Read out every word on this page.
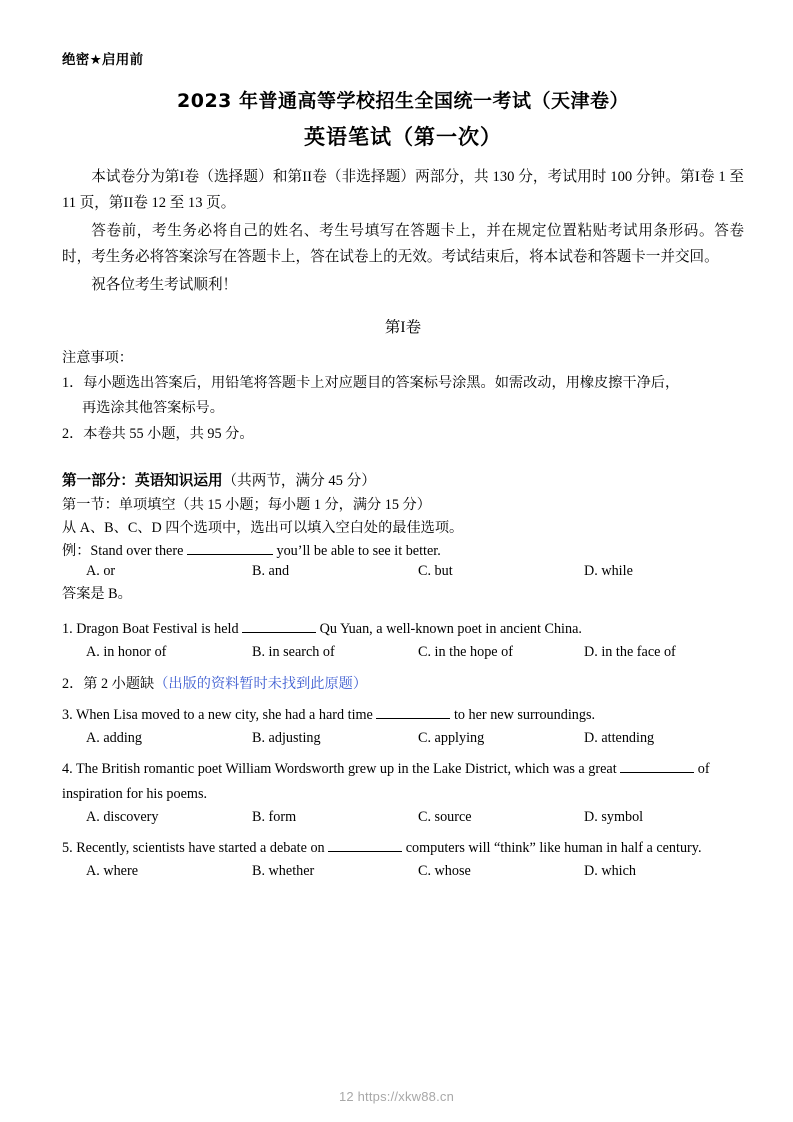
绝密★启用前
2023 年普通高等学校招生全国统一考试（天津卷）
英语笔试（第一次）

本试卷分为第I卷（选择题）和第II卷（非选择题）两部分，共 130 分，考试用时 100 分钟。第I卷 1 至 11 页，第II卷 12 至 13 页。

答卷前，考生务必将自己的姓名、考生号填写在答题卡上，并在规定位置粘贴考试用条形码。答卷时，考生务必将答案涂写在答题卡上，答在试卷上的无效。考试结束后，将本试卷和答题卡一并交回。

祝各位考生考试顺利！

第I卷
注意事项：
1．每小题选出答案后，用铅笔将答题卡上对应题目的答案标号涂黑。如需改动，用橡皮擦干净后，
再选涂其他答案标号。
2．本卷共 55 小题，共 95 分。
第一部分：英语知识运用（共两节，满分 45 分）
第一节：单项填空（共 15 小题；每小题 1 分，满分 15 分）
从 A、B、C、D 四个选项中，选出可以填入空白处的最佳选项。
例：Stand over there	you’ll be able to see it better.
A. or	B. and	C. but	D. while
答案是 B。
1. Dragon Boat Festival is held	Qu Yuan, a well-known poet in ancient China.
A. in honor of	B. in search of	C. in the hope of	D. in the face of
2．第 2 小题缺（出版的资料暂时未找到此原题）
3. When Lisa moved to a new city, she had a hard time	to her new surroundings.
A. adding	B. adjusting	C. applying	D. attending
4. The British romantic poet William Wordsworth grew up in the Lake District, which was a great	of inspiration for his poems.
A. discovery	B. form	C. source	D. symbol
5. Recently, scientists have started a debate on	computers will “think” like human in half a century.
A. where	B. whether	C. whose	D. which
12 https://xkw88.cn
